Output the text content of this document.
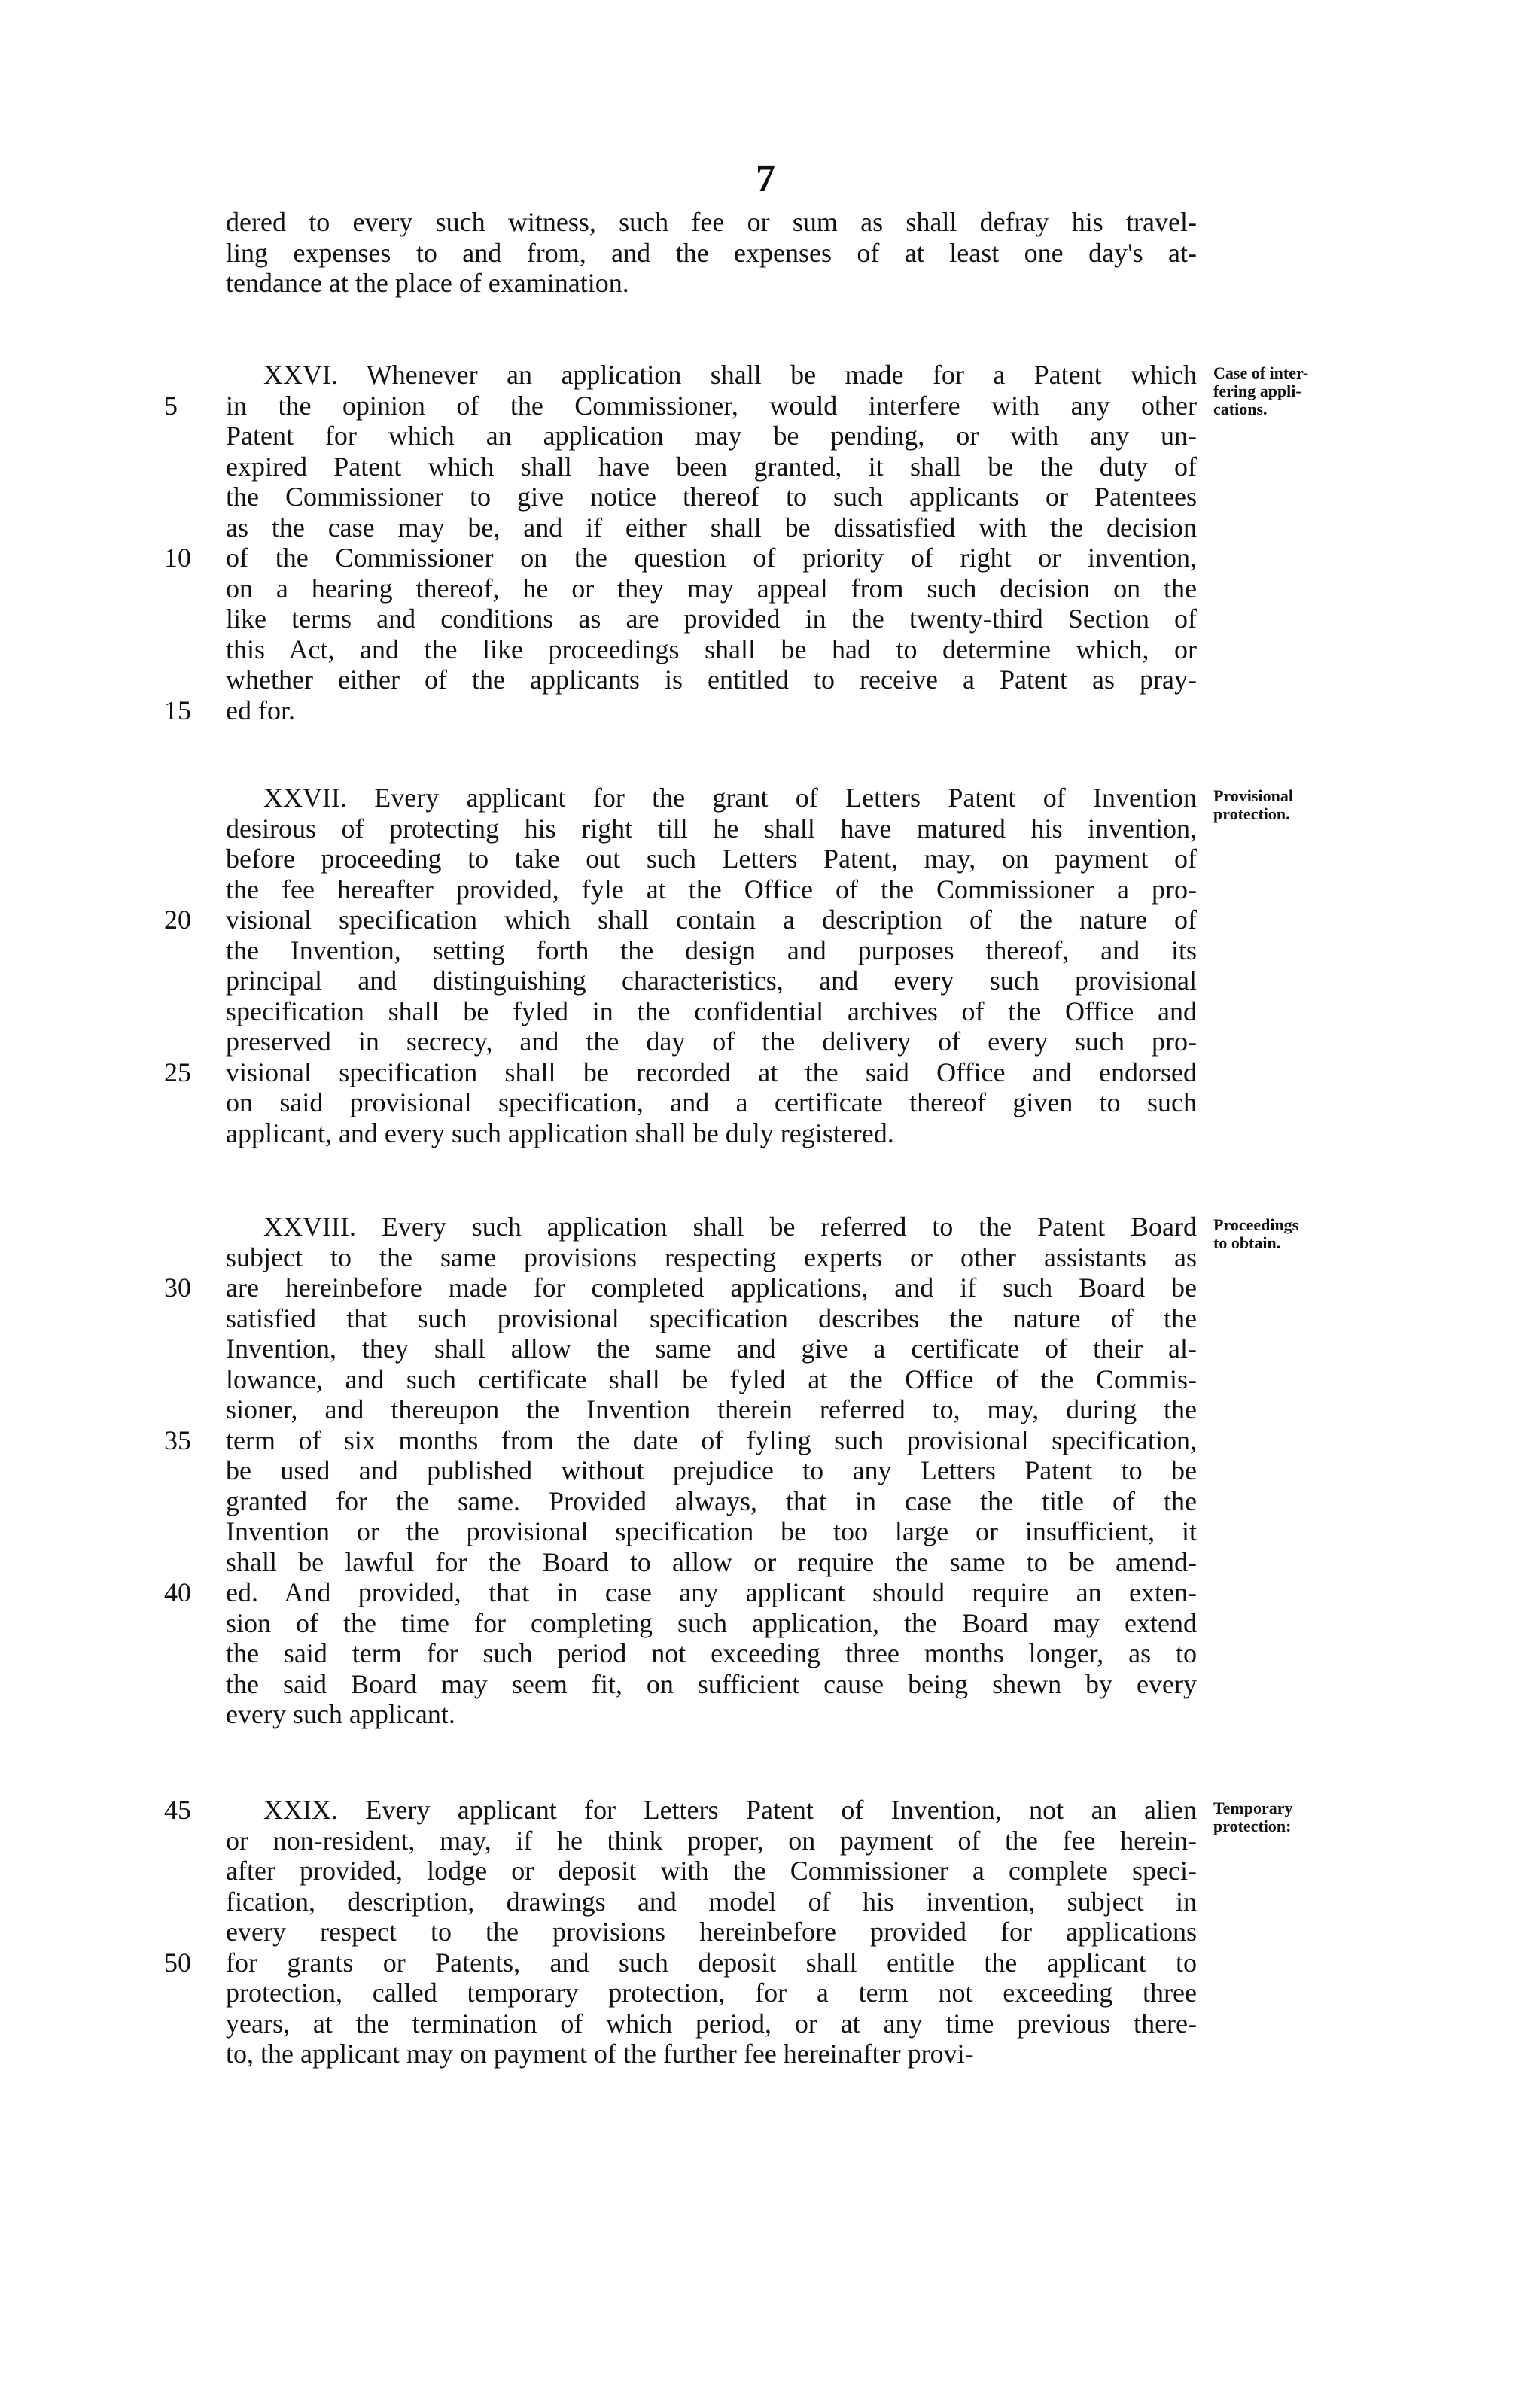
7
dered to every such witness, such fee or sum as shall defray his travel-
ling expenses to and from, and the expenses of at least one day's at-
tendance at the place of examination.
XXVI. Whenever an application shall be made for a Patent which
in the opinion of the Commissioner, would interfere with any other
5
Patent for which an application may be pending, or with any un-
expired Patent which shall have been granted, it shall be the duty of
the Commissioner to give notice thereof to such applicants or Patentees
as the case may be, and if either shall be dissatisfied with the decision
of the Commissioner on the question of priority of right or invention,
10
on a hearing thereof, he or they may appeal from such decision on the
like terms and conditions as are provided in the twenty-third Section of
this Act, and the like proceedings shall be had to determine which, or
whether either of the applicants is entitled to receive a Patent as pray-
ed for.
15
Case of inter-
fering appli-
cations.
XXVII. Every applicant for the grant of Letters Patent of Invention
desirous of protecting his right till he shall have matured his invention,
before proceeding to take out such Letters Patent, may, on payment of
the fee hereafter provided, fyle at the Office of the Commissioner a pro-
visional specification which shall contain a description of the nature of
20
the Invention, setting forth the design and purposes thereof, and its
principal and distinguishing characteristics, and every such provisional
specification shall be fyled in the confidential archives of the Office and
preserved in secrecy, and the day of the delivery of every such pro-
visional specification shall be recorded at the said Office and endorsed
25
on said provisional specification, and a certificate thereof given to such
applicant, and every such application shall be duly registered.
Provisional
protection.
XXVIII. Every such application shall be referred to the Patent Board
subject to the same provisions respecting experts or other assistants as
are hereinbefore made for completed applications, and if such Board be
30
satisfied that such provisional specification describes the nature of the
Invention, they shall allow the same and give a certificate of their al-
lowance, and such certificate shall be fyled at the Office of the Commis-
sioner, and thereupon the Invention therein referred to, may, during the
term of six months from the date of fyling such provisional specification,
35
be used and published without prejudice to any Letters Patent to be
granted for the same. Provided always, that in case the title of the
Invention or the provisional specification be too large or insufficient, it
shall be lawful for the Board to allow or require the same to be amend-
ed. And provided, that in case any applicant should require an exten-
40
sion of the time for completing such application, the Board may extend
the said term for such period not exceeding three months longer, as to
the said Board may seem fit, on sufficient cause being shewn by every
every such applicant.
Proceedings
to obtain.
XXIX. Every applicant for Letters Patent of Invention, not an alien
45
or non-resident, may, if he think proper, on payment of the fee herein-
after provided, lodge or deposit with the Commissioner a complete speci-
fication, description, drawings and model of his invention, subject in
every respect to the provisions hereinbefore provided for applications
for grants or Patents, and such deposit shall entitle the applicant to
50
protection, called temporary protection, for a term not exceeding three
years, at the termination of which period, or at any time previous there-
to, the applicant may on payment of the further fee hereinafter provi-
Temporary
protection:
